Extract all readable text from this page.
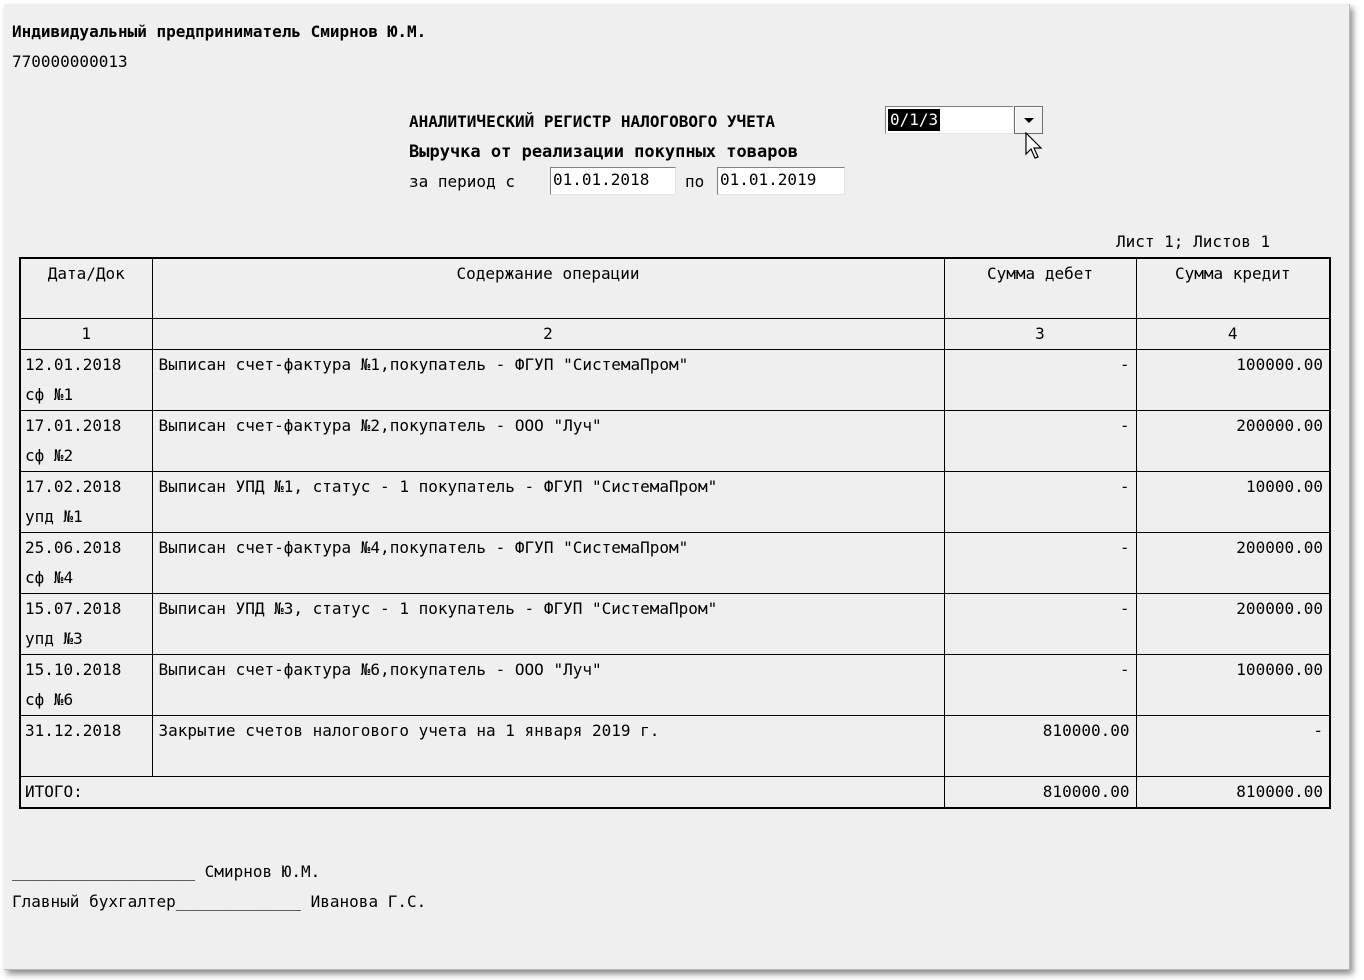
Индивидуальный предприниматель Смирнов Ю.М.
770000000013
АНАЛИТИЧЕСКИЙ РЕГИСТР НАЛОГОВОГО УЧЕТА	0/1/3
Выручка от реализации покупных товаров
за период с 01.01.2018	по 01.01.2019
Лист 1; Листов 1
Дата/Док	Содержание операции	Сумма дебет	Сумма кредит
1	2	3	4

12.01.2018
сф №1	Выписан счет-фактура №1,покупатель - ФГУП "СистемаПром"	-	100000.00

17.01.2018
сф №2	Выписан счет-фактура №2,покупатель - ООО "Луч"	-	200000.00

17.02.2018
упд №1	Выписан УПД №1, статус - 1 покупатель - ФГУП "СистемаПром"	-	10000.00

25.06.2018
сф №4	Выписан счет-фактура №4,покупатель - ФГУП "СистемаПром"	-	200000.00

15.07.2018
упд №3	Выписан УПД №3, статус - 1 покупатель - ФГУП "СистемаПром"	-	200000.00

15.10.2018
сф №6	Выписан счет-фактура №6,покупатель - ООО "Луч"	-	100000.00

31.12.2018	Закрытие счетов налогового учета на 1 января 2019 г.	810000.00	-
ИТОГО:		810000.00	810000.00
___________________ Смирнов Ю.М.
Главный бухгалтер_____________ Иванова Г.С.
